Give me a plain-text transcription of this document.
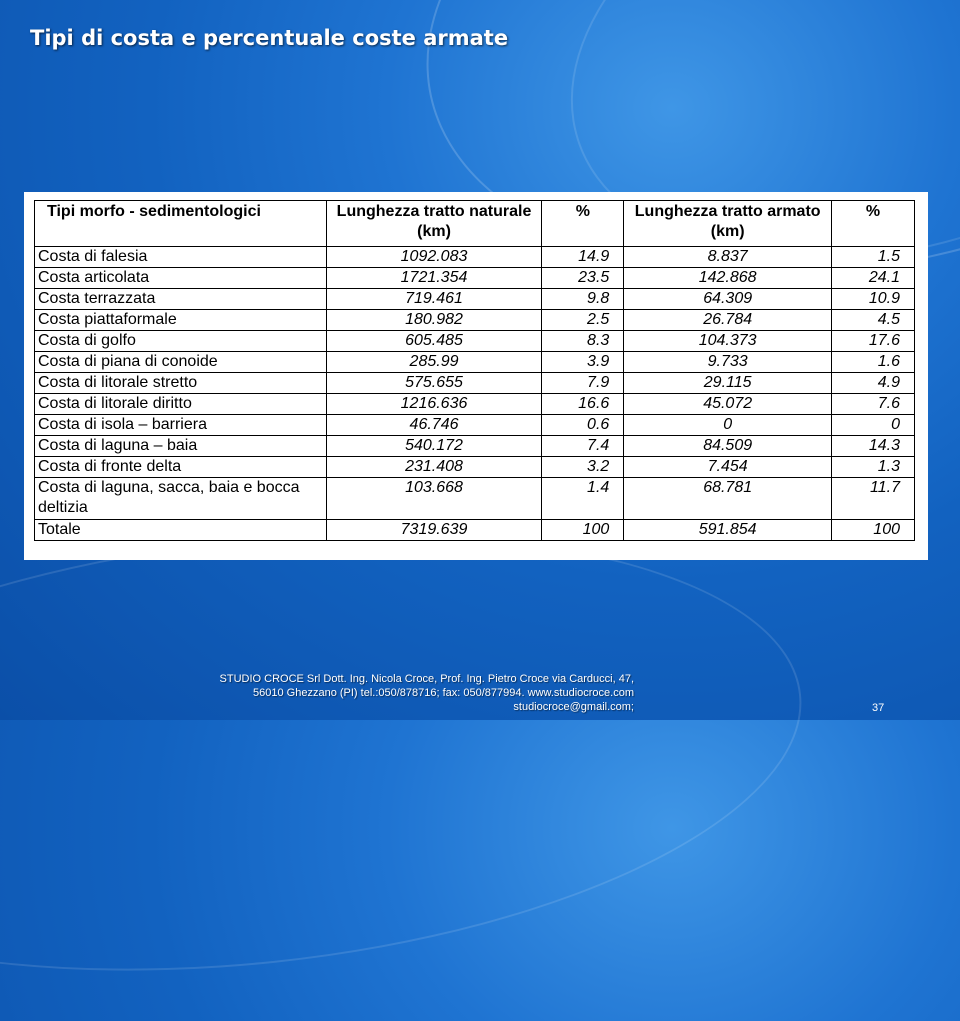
Tipi di costa e percentuale coste armate
Tipi morfo - sedimentologici	Lunghezza tratto naturale (km)	%	Lunghezza tratto armato (km)	%
Costa di falesia	1092.083	14.9	8.837	1.5
Costa articolata	1721.354	23.5	142.868	24.1
Costa terrazzata	719.461	9.8	64.309	10.9
Costa piattaformale	180.982	2.5	26.784	4.5
Costa di golfo	605.485	8.3	104.373	17.6
Costa di piana di conoide	285.99	3.9	9.733	1.6
Costa di litorale stretto	575.655	7.9	29.115	4.9
Costa di litorale diritto	1216.636	16.6	45.072	7.6
Costa di isola – barriera	46.746	0.6	0	0
Costa di laguna – baia	540.172	7.4	84.509	14.3
Costa di fronte delta	231.408	3.2	7.454	1.3
Costa di laguna, sacca, baia e bocca deltizia	103.668	1.4	68.781	11.7
Totale	7319.639	100	591.854	100
STUDIO CROCE Srl Dott. Ing. Nicola Croce, Prof. Ing. Pietro Croce via Carducci, 47,
56010 Ghezzano (PI) tel.:050/878716; fax: 050/877994. www.studiocroce.com
studiocroce@gmail.com;	37
